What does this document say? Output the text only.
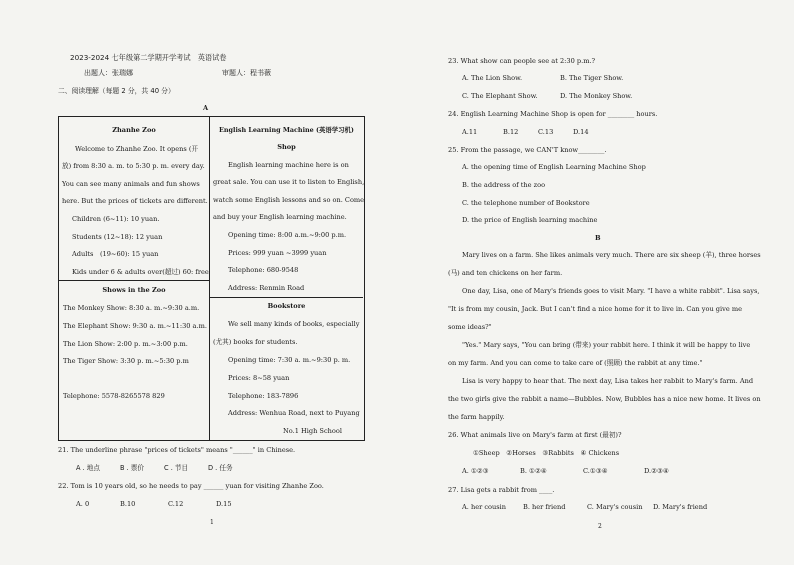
2023-2024 七年级第二学期开学考试　英语试卷
出题人：张瑞娜	审题人：程书薇
二、阅读理解（每题 2 分，共 40 分）
A
Zhanhe Zoo
Welcome to Zhanhe Zoo. It opens (开
放) from 8:30 a. m. to 5:30 p. m. every day.
You can see many animals and fun shows
here. But the prices of tickets are different.
Children (6~11): 10 yuan.
Students (12~18): 12 yuan
Adults　(19~60): 15 yuan
Kids under 6 & adults over(超过) 60: free
Shows in the Zoo
The Monkey Show: 8:30 a. m.~9:30 a.m.
The Elephant Show: 9:30 a. m.~11:30 a.m.
The Lion Show: 2:00 p. m.~3:00 p.m.
The Tiger Show: 3:30 p. m.~5:30 p.m
Telephone: 5578-8265578 829
English Learning Machine (英语学习机)
Shop
English learning machine here is on
great sale. You can use it to listen to English,
watch some English lessons and so on. Come
and buy your English learning machine.
Opening time: 8:00 a.m.~9:00 p.m.
Prices: 999 yuan ~3999 yuan
Telephone: 680-9548
Address: Renmin Road
Bookstore
We sell many kinds of books, especially
(尤其) books for students.
Opening time: 7:30 a. m.~9:30 p. m.
Prices: 8~58 yuan
Telephone: 183-7896
Address: Wenhua Road, next to Puyang
No.1 High School
21. The underline phrase "prices of tickets" means "______" in Chinese.
A . 地点	B . 票价	C . 节目	D . 任务
22. Tom is 10 years old, so he needs to pay ______ yuan for visiting Zhanhe Zoo.
A. 0	B.10	C.12	D.15
1
23. What show can people see at 2:30 p.m.?
A. The Lion Show.	B. The Tiger Show.
C. The Elephant Show.	D. The Monkey Show.
24. English Learning Machine Shop is open for ________ hours.
A.11	B.12	C.13	D.14
25. From the passage, we CAN'T know________.
A. the opening time of English Learning Machine Shop
B. the address of the zoo
C. the telephone number of Bookstore
D. the price of English learning machine
B
Mary lives on a farm. She likes animals very much. There are six sheep (羊), three horses
(马) and ten chickens on her farm.
One day, Lisa, one of Mary's friends goes to visit Mary. "I have a white rabbit". Lisa says,
"It is from my cousin, Jack. But I can't find a nice home for it to live in. Can you give me
some ideas?"
"Yes." Mary says, "You can bring (带来) your rabbit here. I think it will be happy to live
on my farm. And you can come to take care of (照顾) the rabbit at any time."
Lisa is very happy to hear that. The next day, Lisa takes her rabbit to Mary's farm. And
the two girls give the rabbit a name—Bubbles. Now, Bubbles has a nice new home. It lives on
the farm happily.
26. What animals live on Mary's farm at first (最初)?
①Sheep　②Horses　③Rabbits　④ Chickens
A. ①②③	B. ①②④	C.①③④	D.②③④
27. Lisa gets a rabbit from ____.
A. her cousin	B. her friend	C. Mary's cousin D. Mary's friend
2
